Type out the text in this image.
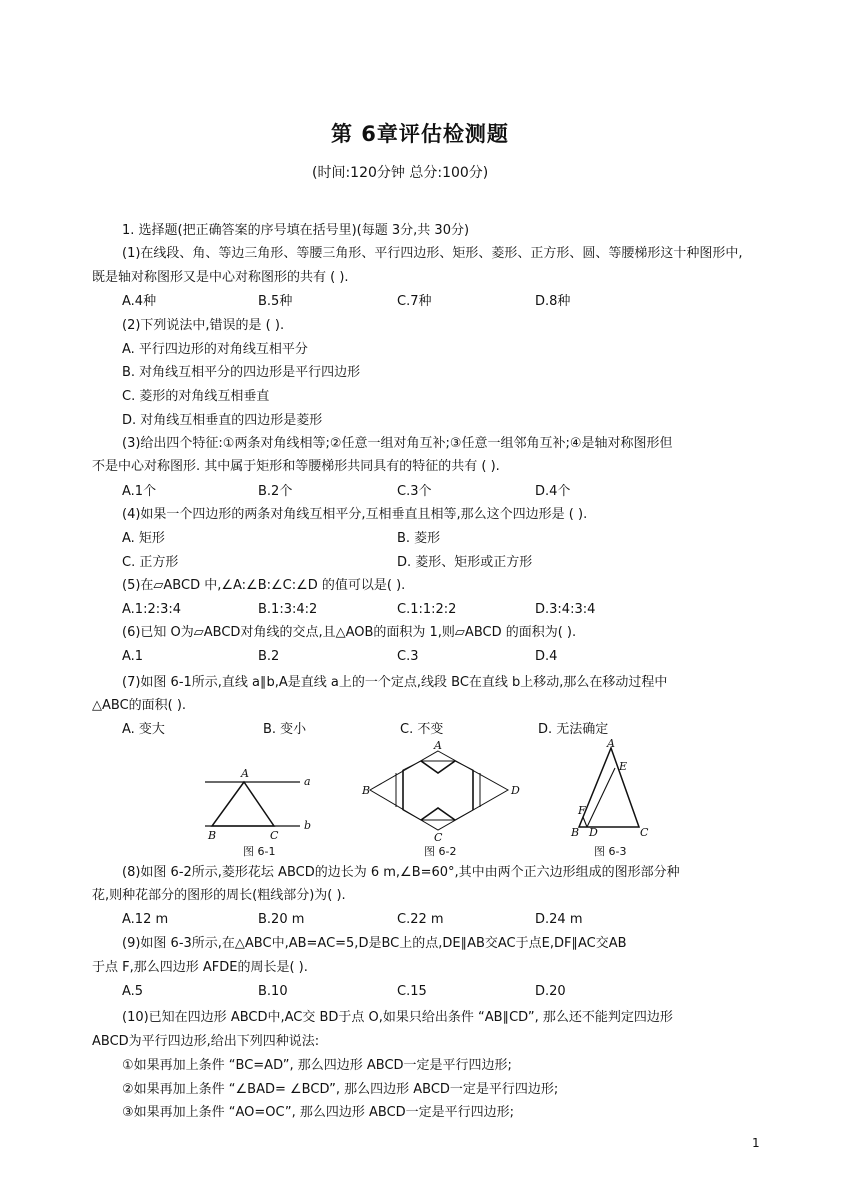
第 6章评估检测题
(时间:120分钟 总分:100分)
1. 选择题(把正确答案的序号填在括号里)(每题 3分,共 30分)
(1)在线段、角、等边三角形、等腰三角形、平行四边形、矩形、菱形、正方形、圆、等腰梯形这十种图形中,
既是轴对称图形又是中心对称图形的共有 ( ).
A.4种	B.5种	C.7种	D.8种
(2)下列说法中,错误的是 ( ).
A. 平行四边形的对角线互相平分
B. 对角线互相平分的四边形是平行四边形
C. 菱形的对角线互相垂直
D. 对角线互相垂直的四边形是菱形
(3)给出四个特征:①两条对角线相等;②任意一组对角互补;③任意一组邻角互补;④是轴对称图形但
不是中心对称图形. 其中属于矩形和等腰梯形共同具有的特征的共有 ( ).
A.1个	B.2个	C.3个	D.4个
(4)如果一个四边形的两条对角线互相平分,互相垂直且相等,那么这个四边形是 ( ).
A. 矩形	B. 菱形
C. 正方形	D. 菱形、矩形或正方形
(5)在▱ABCD 中,∠A:∠B:∠C:∠D 的值可以是( ).
A.1:2:3:4	B.1:3:4:2	C.1:1:2:2	D.3:4:3:4
(6)已知 O为▱ABCD对角线的交点,且△AOB的面积为 1,则▱ABCD 的面积为( ).
A.1	B.2	C.3	D.4
(7)如图 6-1所示,直线 a∥b,A是直线 a上的一个定点,线段 BC在直线 b上移动,那么在移动过程中
△ABC的面积( ).
A. 变大	B. 变小	C. 不变	D. 无法确定
A
B	C
a
b
图 6-1
A
B
C
D
图 6-2
A
B	C
D
E
F
图 6-3
(8)如图 6-2所示,菱形花坛 ABCD的边长为 6 m,∠B=60°,其中由两个正六边形组成的图形部分种
花,则种花部分的图形的周长(粗线部分)为( ).
A.12 m	B.20 m	C.22 m	D.24 m
(9)如图 6-3所示,在△ABC中,AB=AC=5,D是BC上的点,DE∥AB交AC于点E,DF∥AC交AB
于点 F,那么四边形 AFDE的周长是( ).
A.5	B.10	C.15	D.20
(10)已知在四边形 ABCD中,AC交 BD于点 O,如果只给出条件 “AB∥CD”, 那么还不能判定四边形
ABCD为平行四边形,给出下列四种说法:
①如果再加上条件 “BC=AD”, 那么四边形 ABCD一定是平行四边形;
②如果再加上条件 “∠BAD= ∠BCD”, 那么四边形 ABCD一定是平行四边形;
③如果再加上条件 “AO=OC”, 那么四边形 ABCD一定是平行四边形;
1
